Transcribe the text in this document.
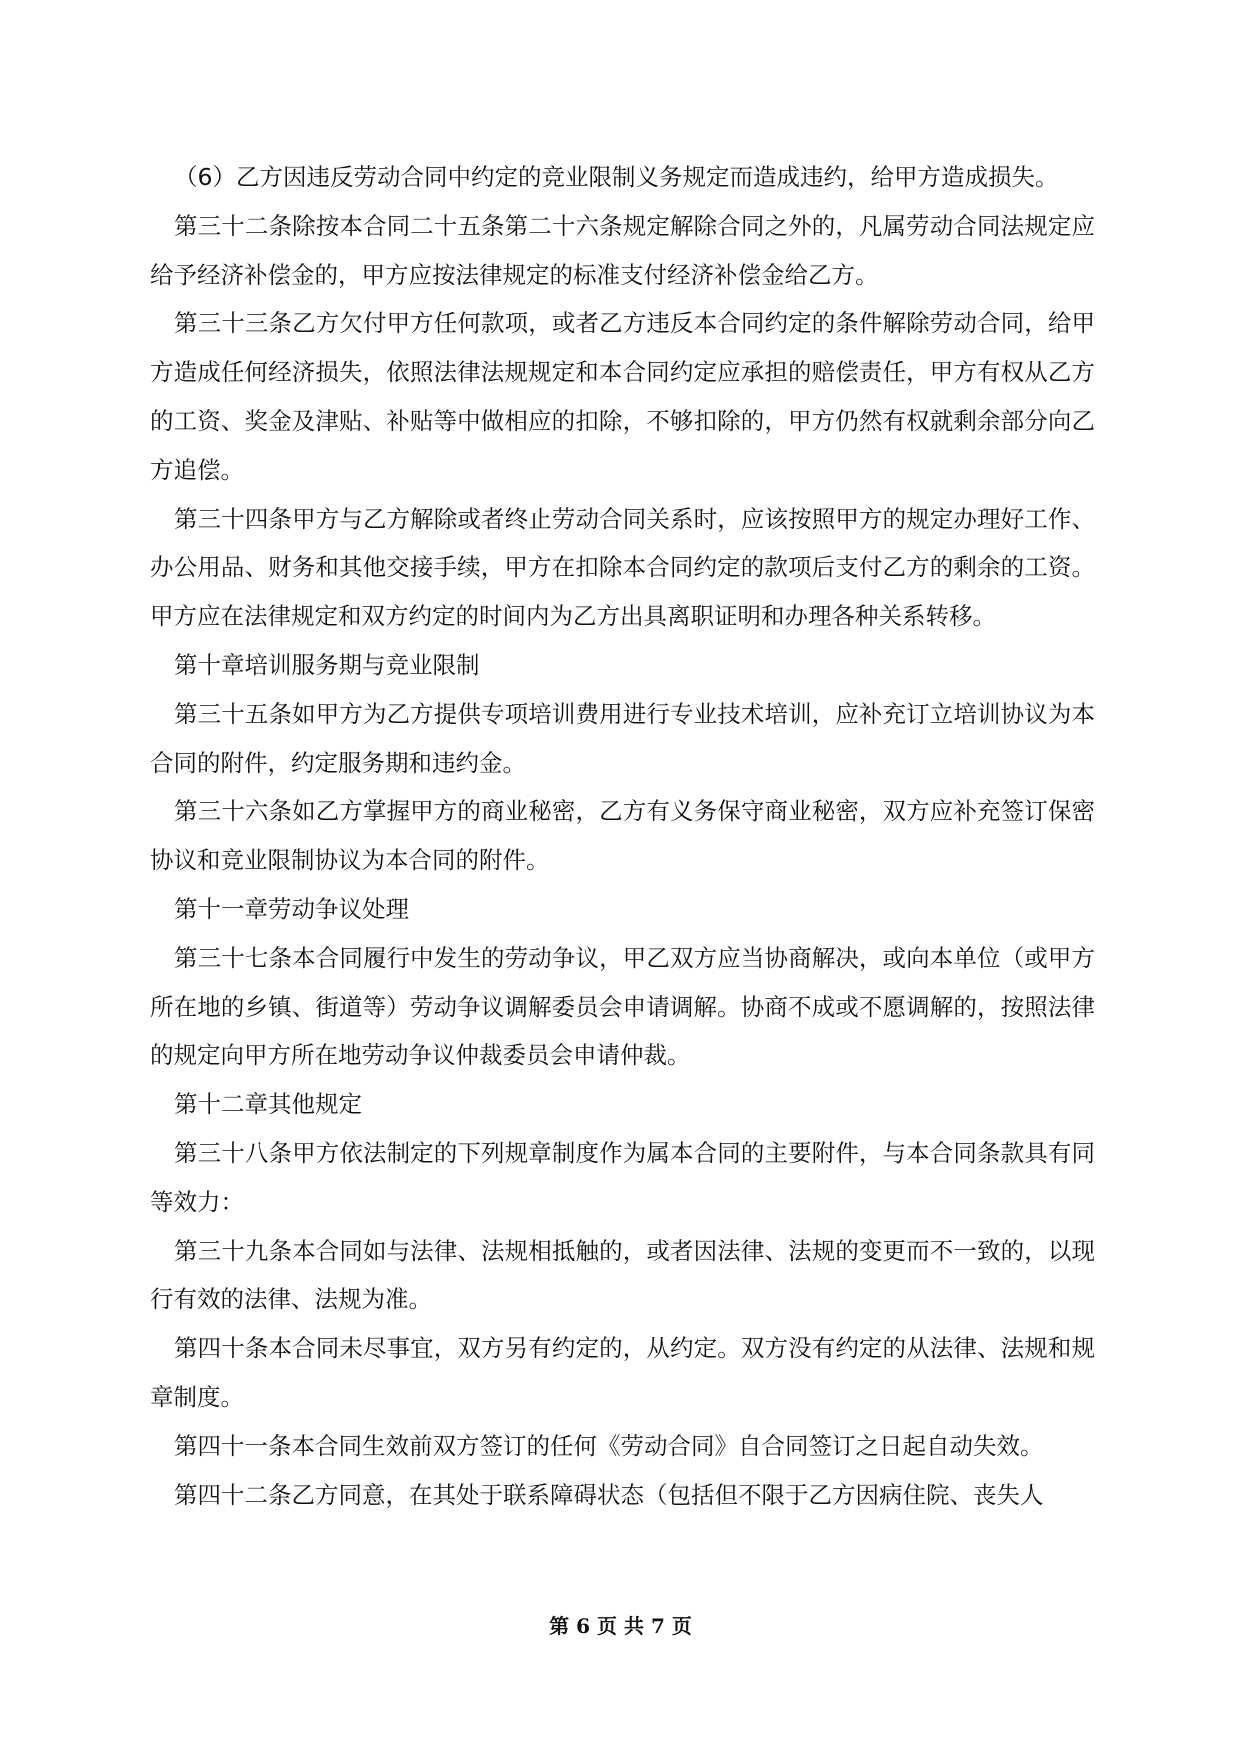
（6）乙方因违反劳动合同中约定的竞业限制义务规定而造成违约，给甲方造成损失。

第三十二条除按本合同二十五条第二十六条规定解除合同之外的，凡属劳动合同法规定应给予经济补偿金的，甲方应按法律规定的标准支付经济补偿金给乙方。

第三十三条乙方欠付甲方任何款项，或者乙方违反本合同约定的条件解除劳动合同，给甲方造成任何经济损失，依照法律法规规定和本合同约定应承担的赔偿责任，甲方有权从乙方的工资、奖金及津贴、补贴等中做相应的扣除，不够扣除的，甲方仍然有权就剩余部分向乙方追偿。

第三十四条甲方与乙方解除或者终止劳动合同关系时，应该按照甲方的规定办理好工作、办公用品、财务和其他交接手续，甲方在扣除本合同约定的款项后支付乙方的剩余的工资。甲方应在法律规定和双方约定的时间内为乙方出具离职证明和办理各种关系转移。

第十章培训服务期与竞业限制

第三十五条如甲方为乙方提供专项培训费用进行专业技术培训，应补充订立培训协议为本合同的附件，约定服务期和违约金。

第三十六条如乙方掌握甲方的商业秘密，乙方有义务保守商业秘密，双方应补充签订保密协议和竞业限制协议为本合同的附件。

第十一章劳动争议处理

第三十七条本合同履行中发生的劳动争议，甲乙双方应当协商解决，或向本单位（或甲方所在地的乡镇、街道等）劳动争议调解委员会申请调解。协商不成或不愿调解的，按照法律的规定向甲方所在地劳动争议仲裁委员会申请仲裁。

第十二章其他规定

第三十八条甲方依法制定的下列规章制度作为属本合同的主要附件，与本合同条款具有同等效力：

第三十九条本合同如与法律、法规相抵触的，或者因法律、法规的变更而不一致的，以现行有效的法律、法规为准。

第四十条本合同未尽事宜，双方另有约定的，从约定。双方没有约定的从法律、法规和规章制度。

第四十一条本合同生效前双方签订的任何《劳动合同》自合同签订之日起自动失效。

第四十二条乙方同意，在其处于联系障碍状态（包括但不限于乙方因病住院、丧失人

第 6 页 共 7 页
